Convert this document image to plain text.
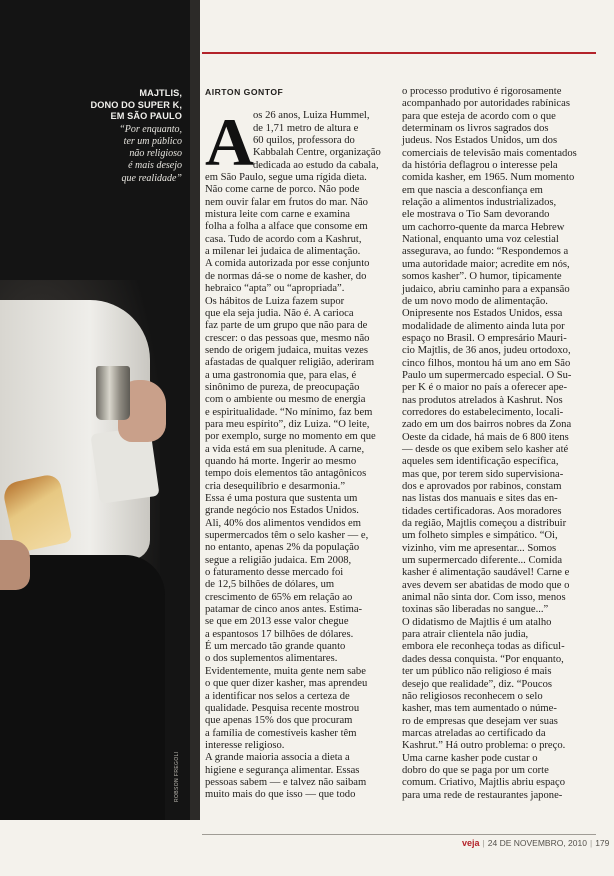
MAJTLIS,
DONO DO SUPER K,
EM SÃO PAULO
“Por enquanto,
ter um público
não religioso
é mais desejo
que realidade”
ROBSON FREGOLI
A
AIRTON GONTOF
os 26 anos, Luiza Hummel,
de 1,71 metro de altura e
60 quilos, professora do
Kabbalah Centre, organização
dedicada ao estudo da cabala,
em São Paulo, segue uma rígida dieta.
Não come carne de porco. Não pode
nem ouvir falar em frutos do mar. Não
mistura leite com carne e examina
folha a folha a alface que consome em
casa. Tudo de acordo com a Kashrut,
a milenar lei judaica de alimentação.
A comida autorizada por esse conjunto
de normas dá-se o nome de kasher, do
hebraico “apta” ou “apropriada”.
Os hábitos de Luiza fazem supor
que ela seja judia. Não é. A carioca
faz parte de um grupo que não para de
crescer: o das pessoas que, mesmo não
sendo de origem judaica, muitas vezes
afastadas de qualquer religião, aderiram
a uma gastronomia que, para elas, é
sinônimo de pureza, de preocupação
com o ambiente ou mesmo de energia
e espiritualidade. “No mínimo, faz bem
para meu espírito”, diz Luiza. “O leite,
por exemplo, surge no momento em que
a vida está em sua plenitude. A carne,
quando há morte. Ingerir ao mesmo
tempo dois elementos tão antagônicos
cria desequilíbrio e desarmonia.”
Essa é uma postura que sustenta um
grande negócio nos Estados Unidos.
Ali, 40% dos alimentos vendidos em
supermercados têm o selo kasher — e,
no entanto, apenas 2% da população
segue a religião judaica. Em 2008,
o faturamento desse mercado foi
de 12,5 bilhões de dólares, um
crescimento de 65% em relação ao
patamar de cinco anos antes. Estima-
se que em 2013 esse valor chegue
a espantosos 17 bilhões de dólares.
É um mercado tão grande quanto
o dos suplementos alimentares.
Evidentemente, muita gente nem sabe
o que quer dizer kasher, mas aprendeu
a identificar nos selos a certeza de
qualidade. Pesquisa recente mostrou
que apenas 15% dos que procuram
a família de comestíveis kasher têm
interesse religioso.
A grande maioria associa a dieta a
higiene e segurança alimentar. Essas
pessoas sabem — e talvez não saibam
muito mais do que isso — que todo
o processo produtivo é rigorosamente
acompanhado por autoridades rabínicas
para que esteja de acordo com o que
determinam os livros sagrados dos
judeus. Nos Estados Unidos, um dos
comerciais de televisão mais comentados
da história deflagrou o interesse pela
comida kasher, em 1965. Num momento
em que nascia a desconfiança em
relação a alimentos industrializados,
ele mostrava o Tio Sam devorando
um cachorro-quente da marca Hebrew
National, enquanto uma voz celestial
assegurava, ao fundo: “Respondemos a
uma autoridade maior; acredite em nós,
somos kasher”. O humor, tipicamente
judaico, abriu caminho para a expansão
de um novo modo de alimentação.
Onipresente nos Estados Unidos, essa
modalidade de alimento ainda luta por
espaço no Brasil. O empresário Mauri-
cio Majtlis, de 36 anos, judeu ortodoxo,
cinco filhos, montou há um ano em São
Paulo um supermercado especial. O Su-
per K é o maior no país a oferecer ape-
nas produtos atrelados à Kashrut. Nos
corredores do estabelecimento, locali-
zado em um dos bairros nobres da Zona
Oeste da cidade, há mais de 6 800 itens
— desde os que exibem selo kasher até
aqueles sem identificação específica,
mas que, por terem sido supervisiona-
dos e aprovados por rabinos, constam
nas listas dos manuais e sites das en-
tidades certificadoras. Aos moradores
da região, Majtlis começou a distribuir
um folheto simples e simpático. “Oi,
vizinho, vim me apresentar... Somos
um supermercado diferente... Comida
kasher é alimentação saudável! Carne e
aves devem ser abatidas de modo que o
animal não sinta dor. Com isso, menos
toxinas são liberadas no sangue...”
O didatismo de Majtlis é um atalho
para atrair clientela não judia,
embora ele reconheça todas as dificul-
dades dessa conquista. “Por enquanto,
ter um público não religioso é mais
desejo que realidade”, diz. “Poucos
não religiosos reconhecem o selo
kasher, mas tem aumentado o núme-
ro de empresas que desejam ver suas
marcas atreladas ao certificado da
Kashrut.” Há outro problema: o preço.
Uma carne kasher pode custar o
dobro do que se paga por um corte
comum. Criativo, Majtlis abriu espaço
para uma rede de restaurantes japone-
veja | 24 DE NOVEMBRO, 2010 | 179
